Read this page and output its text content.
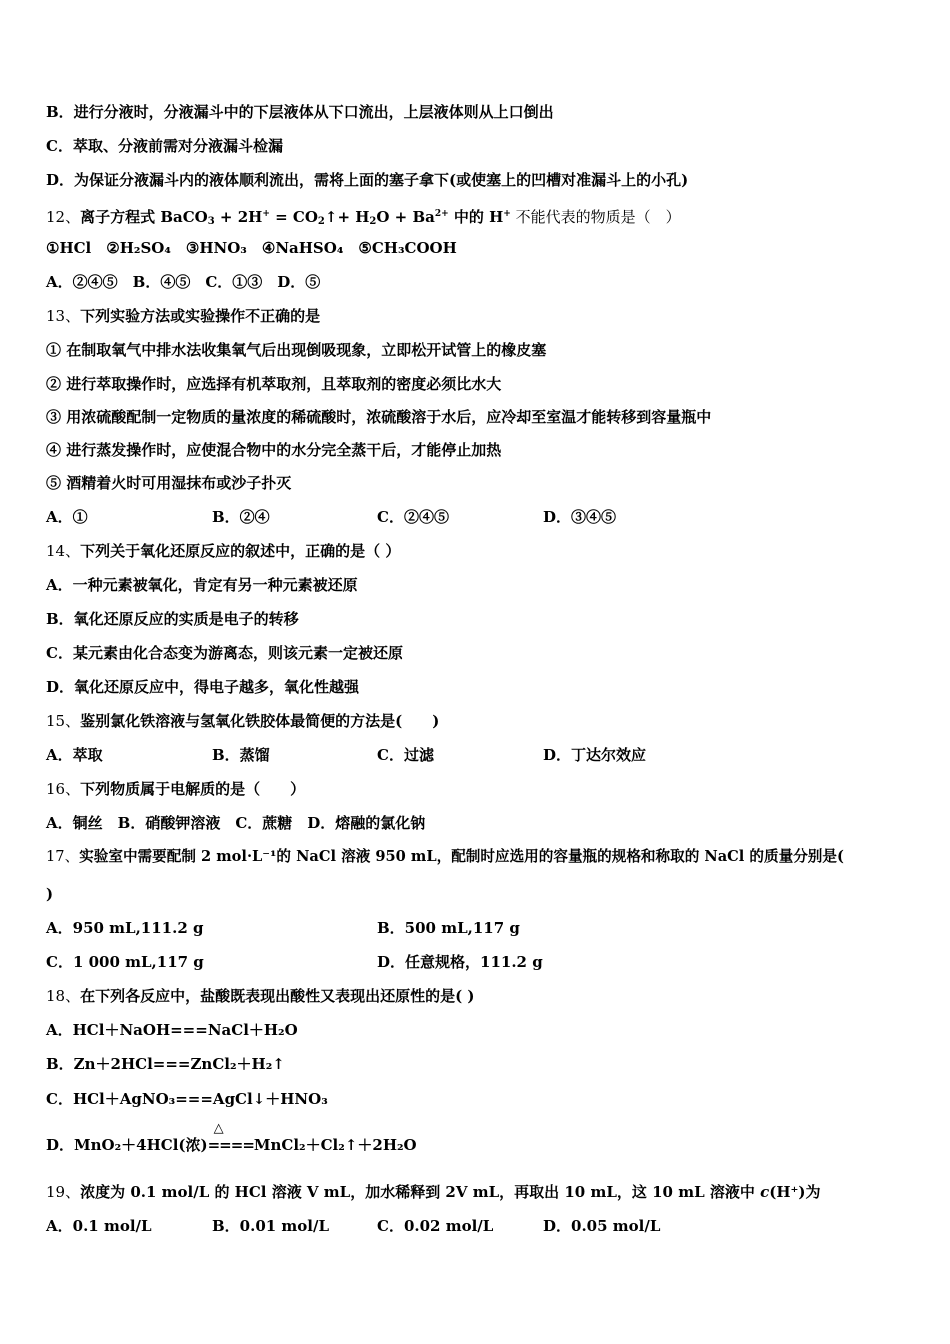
B．进行分液时，分液漏斗中的下层液体从下口流出，上层液体则从上口倒出
C．萃取、分液前需对分液漏斗检漏
D．为保证分液漏斗内的液体顺利流出，需将上面的塞子拿下(或使塞上的凹槽对准漏斗上的小孔)
12、离子方程式 BaCO$_3$ + $2H^+ = CO_2↑+ H_2O + Ba^{2+}$ 中的 H+ 不能代表的物质是（　）
①HCl　②H₂SO₄　③HNO₃　④NaHSO₄　⑤CH₃COOH
A．②④⑤　B．④⑤　C．①③　D．⑤
13、下列实验方法或实验操作不正确的是
① 在制取氧气中排水法收集氧气后出现倒吸现象，立即松开试管上的橡皮塞
② 进行萃取操作时，应选择有机萃取剂，且萃取剂的密度必须比水大
③ 用浓硫酸配制一定物质的量浓度的稀硫酸时，浓硫酸溶于水后，应冷却至室温才能转移到容量瓶中
④ 进行蒸发操作时，应使混合物中的水分完全蒸干后，才能停止加热
⑤ 酒精着火时可用湿抹布或沙子扑灭
A．①	B．②④	C．②④⑤	D．③④⑤
14、下列关于氧化还原反应的叙述中，正确的是（ ）
A．一种元素被氧化，肯定有另一种元素被还原
B．氧化还原反应的实质是电子的转移
C．某元素由化合态变为游离态，则该元素一定被还原
D．氧化还原反应中，得电子越多，氧化性越强
15、鉴别氯化铁溶液与氢氧化铁胶体最简便的方法是(　　)
A．萃取	B．蒸馏	C．过滤	D．丁达尔效应
16、下列物质属于电解质的是（　　）
A．铜丝　B．硝酸钾溶液　C．蔗糖　D．熔融的氯化钠
17、实验室中需要配制 2 mol·L⁻¹的 NaCl 溶液 950 mL，配制时应选用的容量瓶的规格和称取的 NaCl 的质量分别是(
)
A．950 mL,111.2 g	B．500 mL,117 g
C．1 000 mL,117 g	D．任意规格，111.2 g
18、在下列各反应中，盐酸既表现出酸性又表现出还原性的是( )
A．HCl＋NaOH===NaCl＋H₂O
B．Zn＋2HCl===ZnCl₂＋H₂↑
C．HCl＋AgNO₃===AgCl↓＋HNO₃
D．MnO₂＋4HCl(浓)
△
====MnCl₂＋Cl₂↑＋2H₂O
19、浓度为 0.1 mol/L 的 HCl 溶液 V mL，加水稀释到 2V mL，再取出 10 mL，这 10 mL 溶液中 c(H⁺)为
A．0.1 mol/L	B．0.01 mol/L	C．0.02 mol/L	D．0.05 mol/L
